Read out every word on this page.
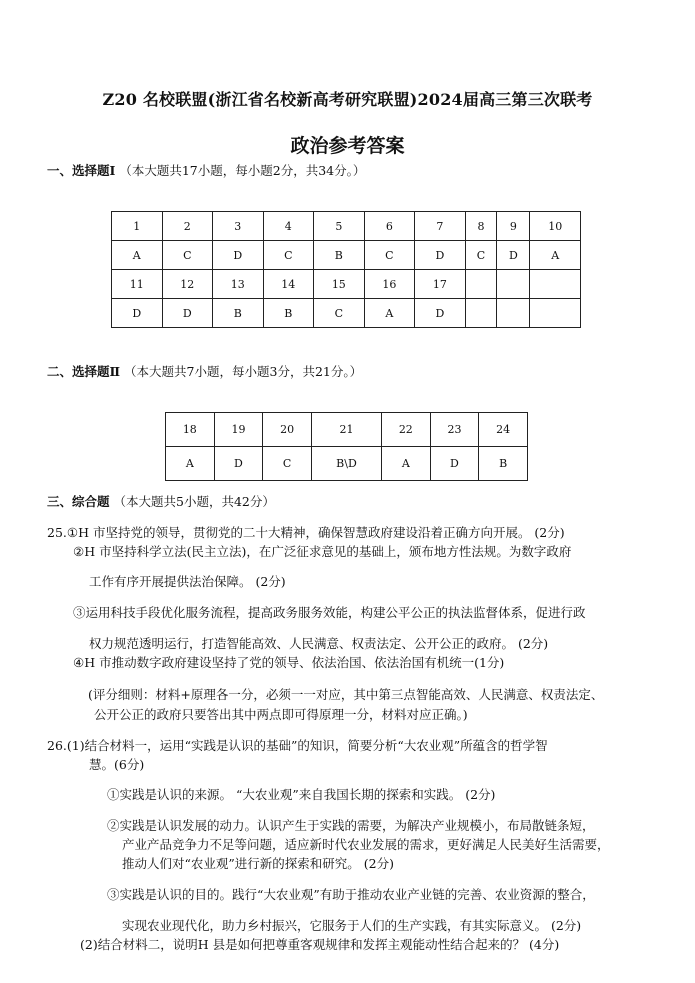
Z20 名校联盟(浙江省名校新高考研究联盟)2024届高三第三次联考
政治参考答案
一、选择题I （本大题共17小题，每小题2分，共34分。）
1	2	3	4	5	6	7	8	9	10
A	C	D	C	B	C	D	C	D	A
11	12	13	14	15	16	17			
D	D	B	B	C	A	D			
二、选择题Ⅱ （本大题共7小题，每小题3分，共21分。）
18	19	20	21	22	23	24
A	D	C	B\D	A	D	B
三、综合题 （本大题共5小题，共42分）
25.①H 市坚持党的领导，贯彻党的二十大精神，确保智慧政府建设沿着正确方向开展。 (2分)
②H 市坚持科学立法(民主立法)，在广泛征求意见的基础上，颁布地方性法规。为数字政府
工作有序开展提供法治保障。 (2分)
③运用科技手段优化服务流程，提高政务服务效能，构建公平公正的执法监督体系，促进行政
权力规范透明运行，打造智能高效、人民满意、权责法定、公开公正的政府。 (2分)
④H 市推动数字政府建设坚持了党的领导、依法治国、依法治国有机统一(1分)
(评分细则：材料+原理各一分，必须一一对应，其中第三点智能高效、人民满意、权责法定、
公开公正的政府只要答出其中两点即可得原理一分，材料对应正确。)
26.(1)结合材料一，运用“实践是认识的基础”的知识，简要分析“大农业观”所蕴含的哲学智
慧。(6分)
①实践是认识的来源。 “大农业观”来自我国长期的探索和实践。 (2分)
②实践是认识发展的动力。认识产生于实践的需要，为解决产业规模小，布局散链条短，
产业产品竞争力不足等问题，适应新时代农业发展的需求，更好满足人民美好生活需要，
推动人们对“农业观”进行新的探索和研究。 (2分)
③实践是认识的目的。践行“大农业观”有助于推动农业产业链的完善、农业资源的整合，
实现农业现代化，助力乡村振兴，它服务于人们的生产实践，有其实际意义。 (2分)
(2)结合材料二，说明H 县是如何把尊重客观规律和发挥主观能动性结合起来的？ (4分)
